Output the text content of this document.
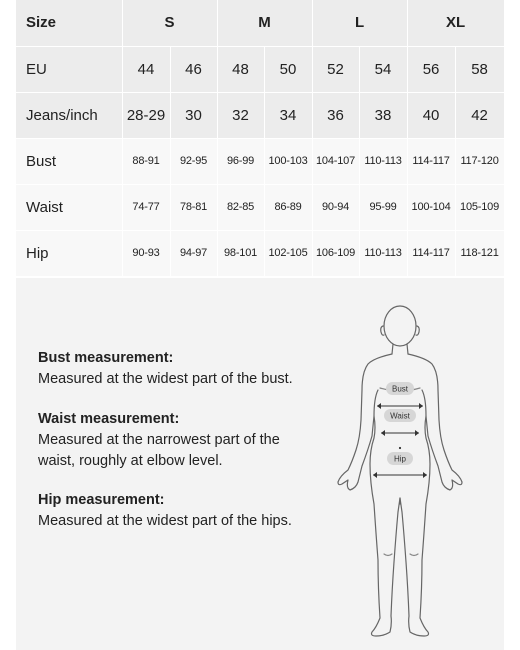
Size	S		M		L		XL	
EU	44	46	48	50	52	54	56	58
Jeans/inch	28-29	30	32	34	36	38	40	42
Bust	88-91	92-95	96-99	100-103	104-107	110-113	114-117	117-120
Waist	74-77	78-81	82-85	86-89	90-94	95-99	100-104	105-109
Hip	90-93	94-97	98-101	102-105	106-109	110-113	114-117	118-121
Bust measurement:
Measured at the widest part of the bust.
Waist measurement:
Measured at the narrowest part of the waist, roughly at elbow level.
Hip measurement:
Measured at the widest part of the hips.
Bust
Waist
Hip
